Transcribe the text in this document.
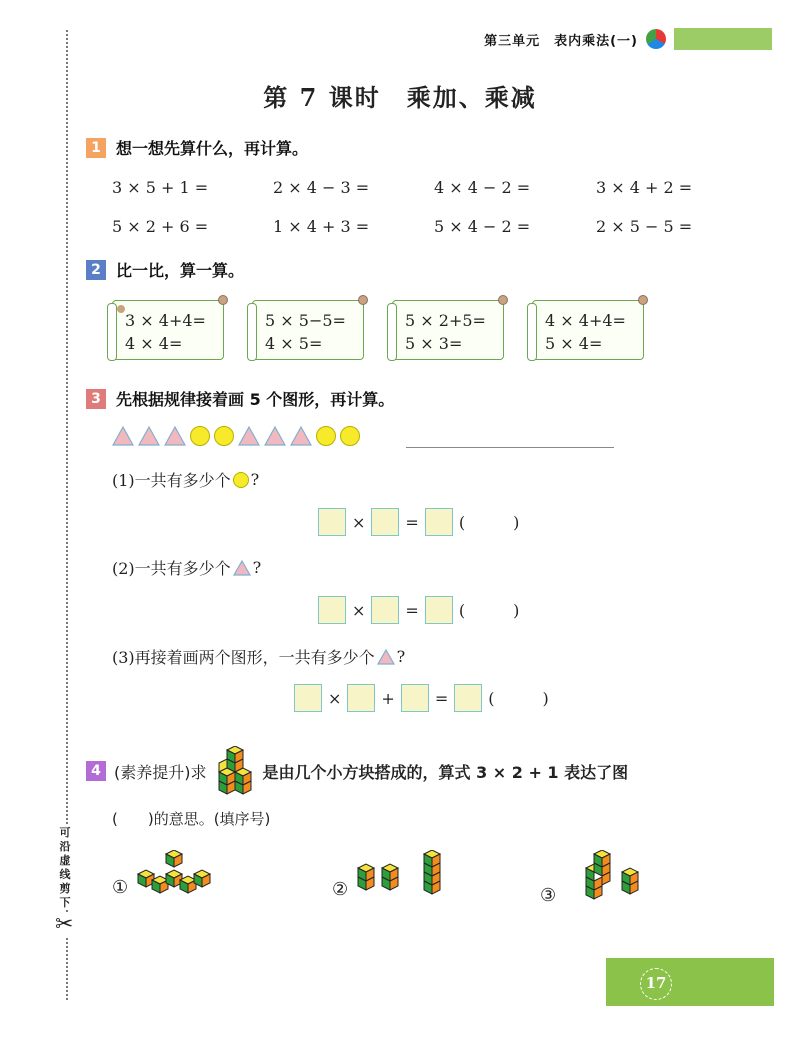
可沿虚线剪下
✂
第三单元　表内乘法(一)
第 7 课时　乘加、乘减
1 想一想先算什么，再计算。
3 × 5 + 1 =	2 × 4 − 3 =	4 × 4 − 2 =	3 × 4 + 2 =
5 × 2 + 6 =	1 × 4 + 3 =	5 × 4 − 2 =	2 × 5 − 5 =
2 比一比，算一算。
3 × 4+4=
4 × 4=
5 × 5−5=
4 × 5=
5 × 2+5=
5 × 3=
4 × 4+4=
5 × 4=
3 先根据规律接着画 5 个图形，再计算。
(1)一共有多少个 ?
×	=	(	)
(2)一共有多少个 ?
×	=	(	)
(3)再接着画两个图形，一共有多少个 ?
×	+	=	(	)
4 (素养提升)求	是由几个小方块搭成的，算式 3 × 2 + 1 表达了图
(　　)的意思。(填序号)
①	②	③
17
